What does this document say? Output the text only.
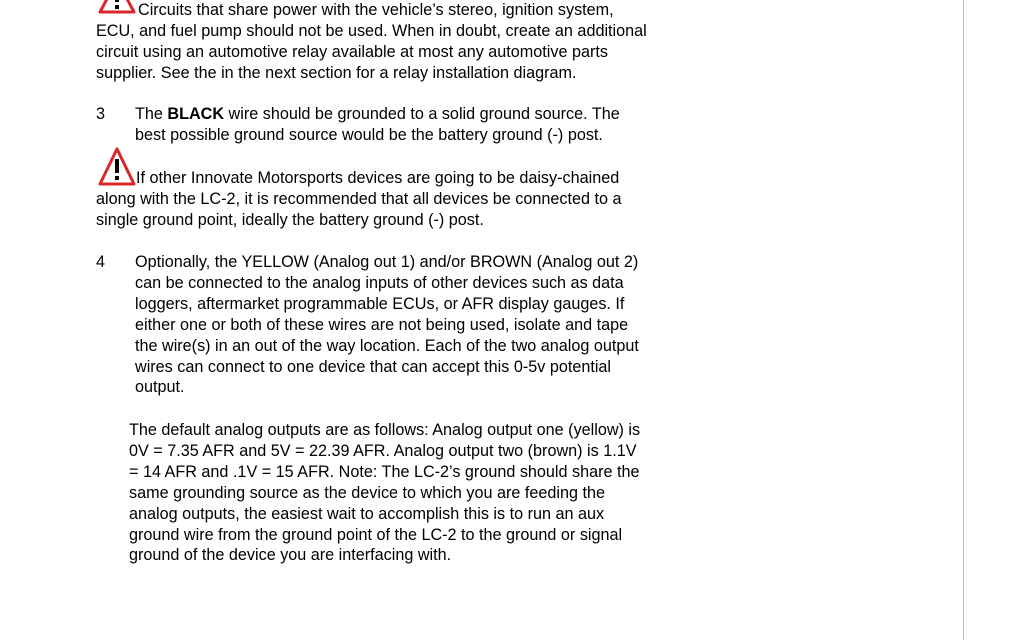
Circuits that share power with the vehicle’s stereo, ignition system,
ECU, and fuel pump should not be used. When in doubt, create an additional
circuit using an automotive relay available at most any automotive parts
supplier. See the in the next section for a relay installation diagram.
3 The BLACK wire should be grounded to a solid ground source. The
best possible ground source would be the battery ground (-) post.
If other Innovate Motorsports devices are going to be daisy-chained
along with the LC-2, it is recommended that all devices be connected to a
single ground point, ideally the battery ground (-) post.
4 Optionally, the YELLOW (Analog out 1) and/or BROWN (Analog out 2)
can be connected to the analog inputs of other devices such as data
loggers, aftermarket programmable ECUs, or AFR display gauges. If
either one or both of these wires are not being used, isolate and tape
the wire(s) in an out of the way location. Each of the two analog output
wires can connect to one device that can accept this 0-5v potential
output.
The default analog outputs are as follows: Analog output one (yellow) is
0V = 7.35 AFR and 5V = 22.39 AFR. Analog output two (brown) is 1.1V
= 14 AFR and .1V = 15 AFR. Note: The LC-2’s ground should share the
same grounding source as the device to which you are feeding the
analog outputs, the easiest wait to accomplish this is to run an aux
ground wire from the ground point of the LC-2 to the ground or signal
ground of the device you are interfacing with.
